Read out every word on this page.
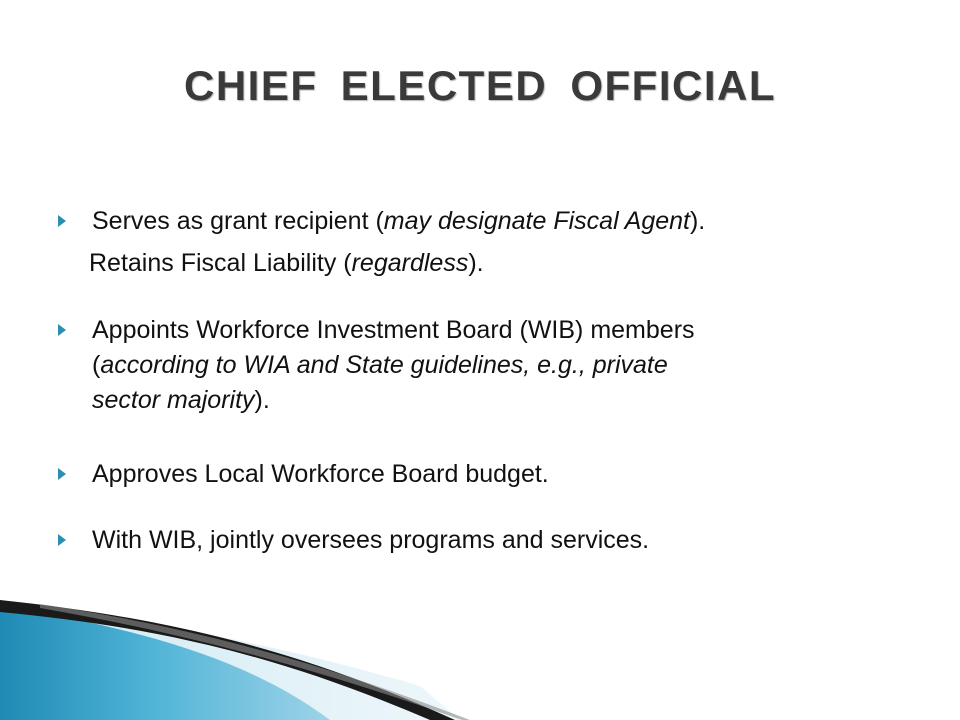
CHIEF ELECTED OFFICIAL
Serves as grant recipient (may designate Fiscal Agent).
Retains Fiscal Liability (regardless).
Appoints Workforce Investment Board (WIB) members
(according to WIA and State guidelines, e.g., private
sector majority).
Approves Local Workforce Board budget.
With WIB, jointly oversees programs and services.
